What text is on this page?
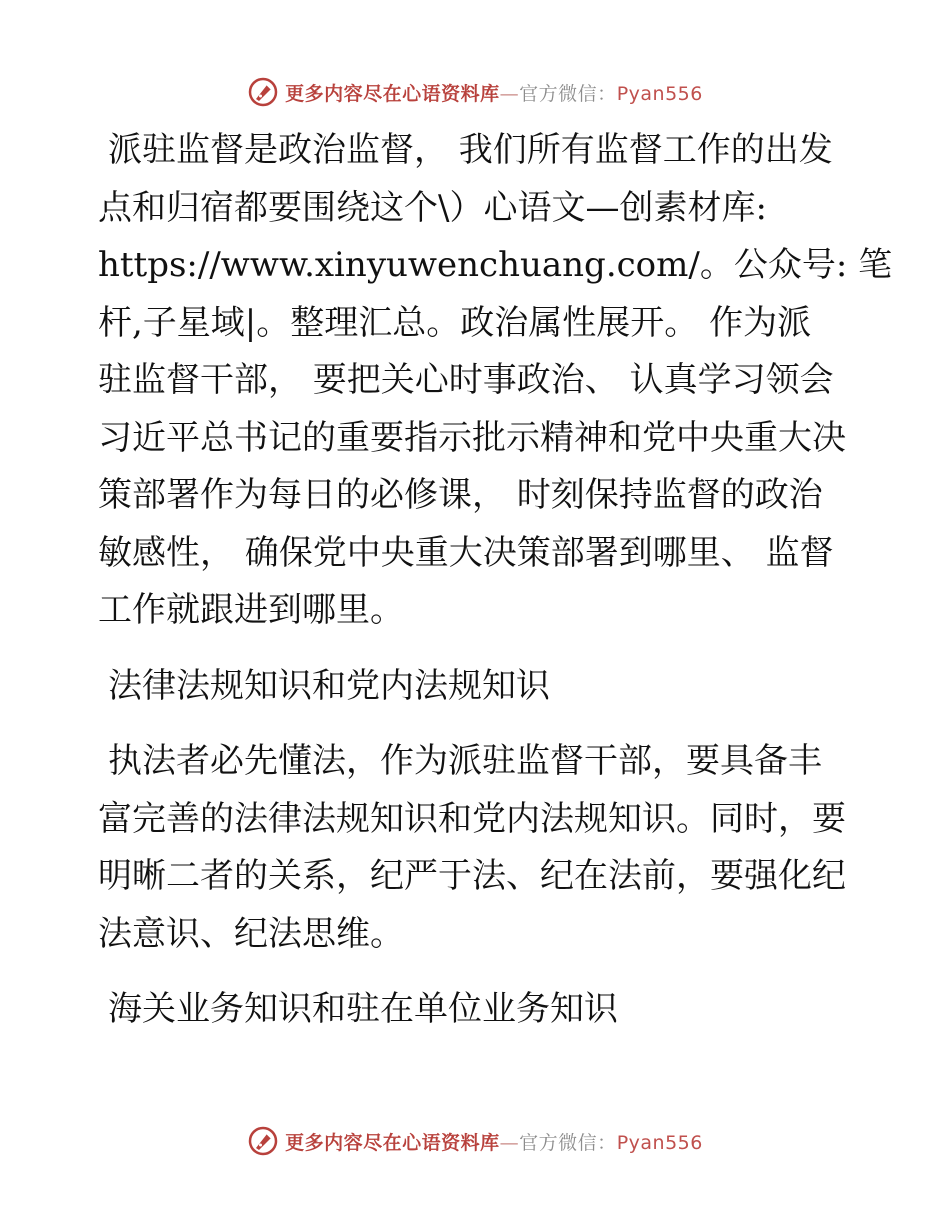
更多内容尽在心语资料库—官方微信：Pyan556

派驻监督是政治监督， 我们所有监督工作的出发
点和归宿都要围绕这个\）心语文—创素材库:
https://www.xinyuwenchuang.com/。公众号: 笔
杆,子星域|。整理汇总。政治属性展开。 作为派
驻监督干部， 要把关心时事政治、 认真学习领会
习近平总书记的重要指示批示精神和党中央重大决
策部署作为每日的必修课， 时刻保持监督的政治
敏感性， 确保党中央重大决策部署到哪里、 监督
工作就跟进到哪里。

法律法规知识和党内法规知识

执法者必先懂法，作为派驻监督干部，要具备丰
富完善的法律法规知识和党内法规知识。同时，要
明晰二者的关系，纪严于法、纪在法前，要强化纪
法意识、纪法思维。

海关业务知识和驻在单位业务知识

更多内容尽在心语资料库—官方微信：Pyan556
